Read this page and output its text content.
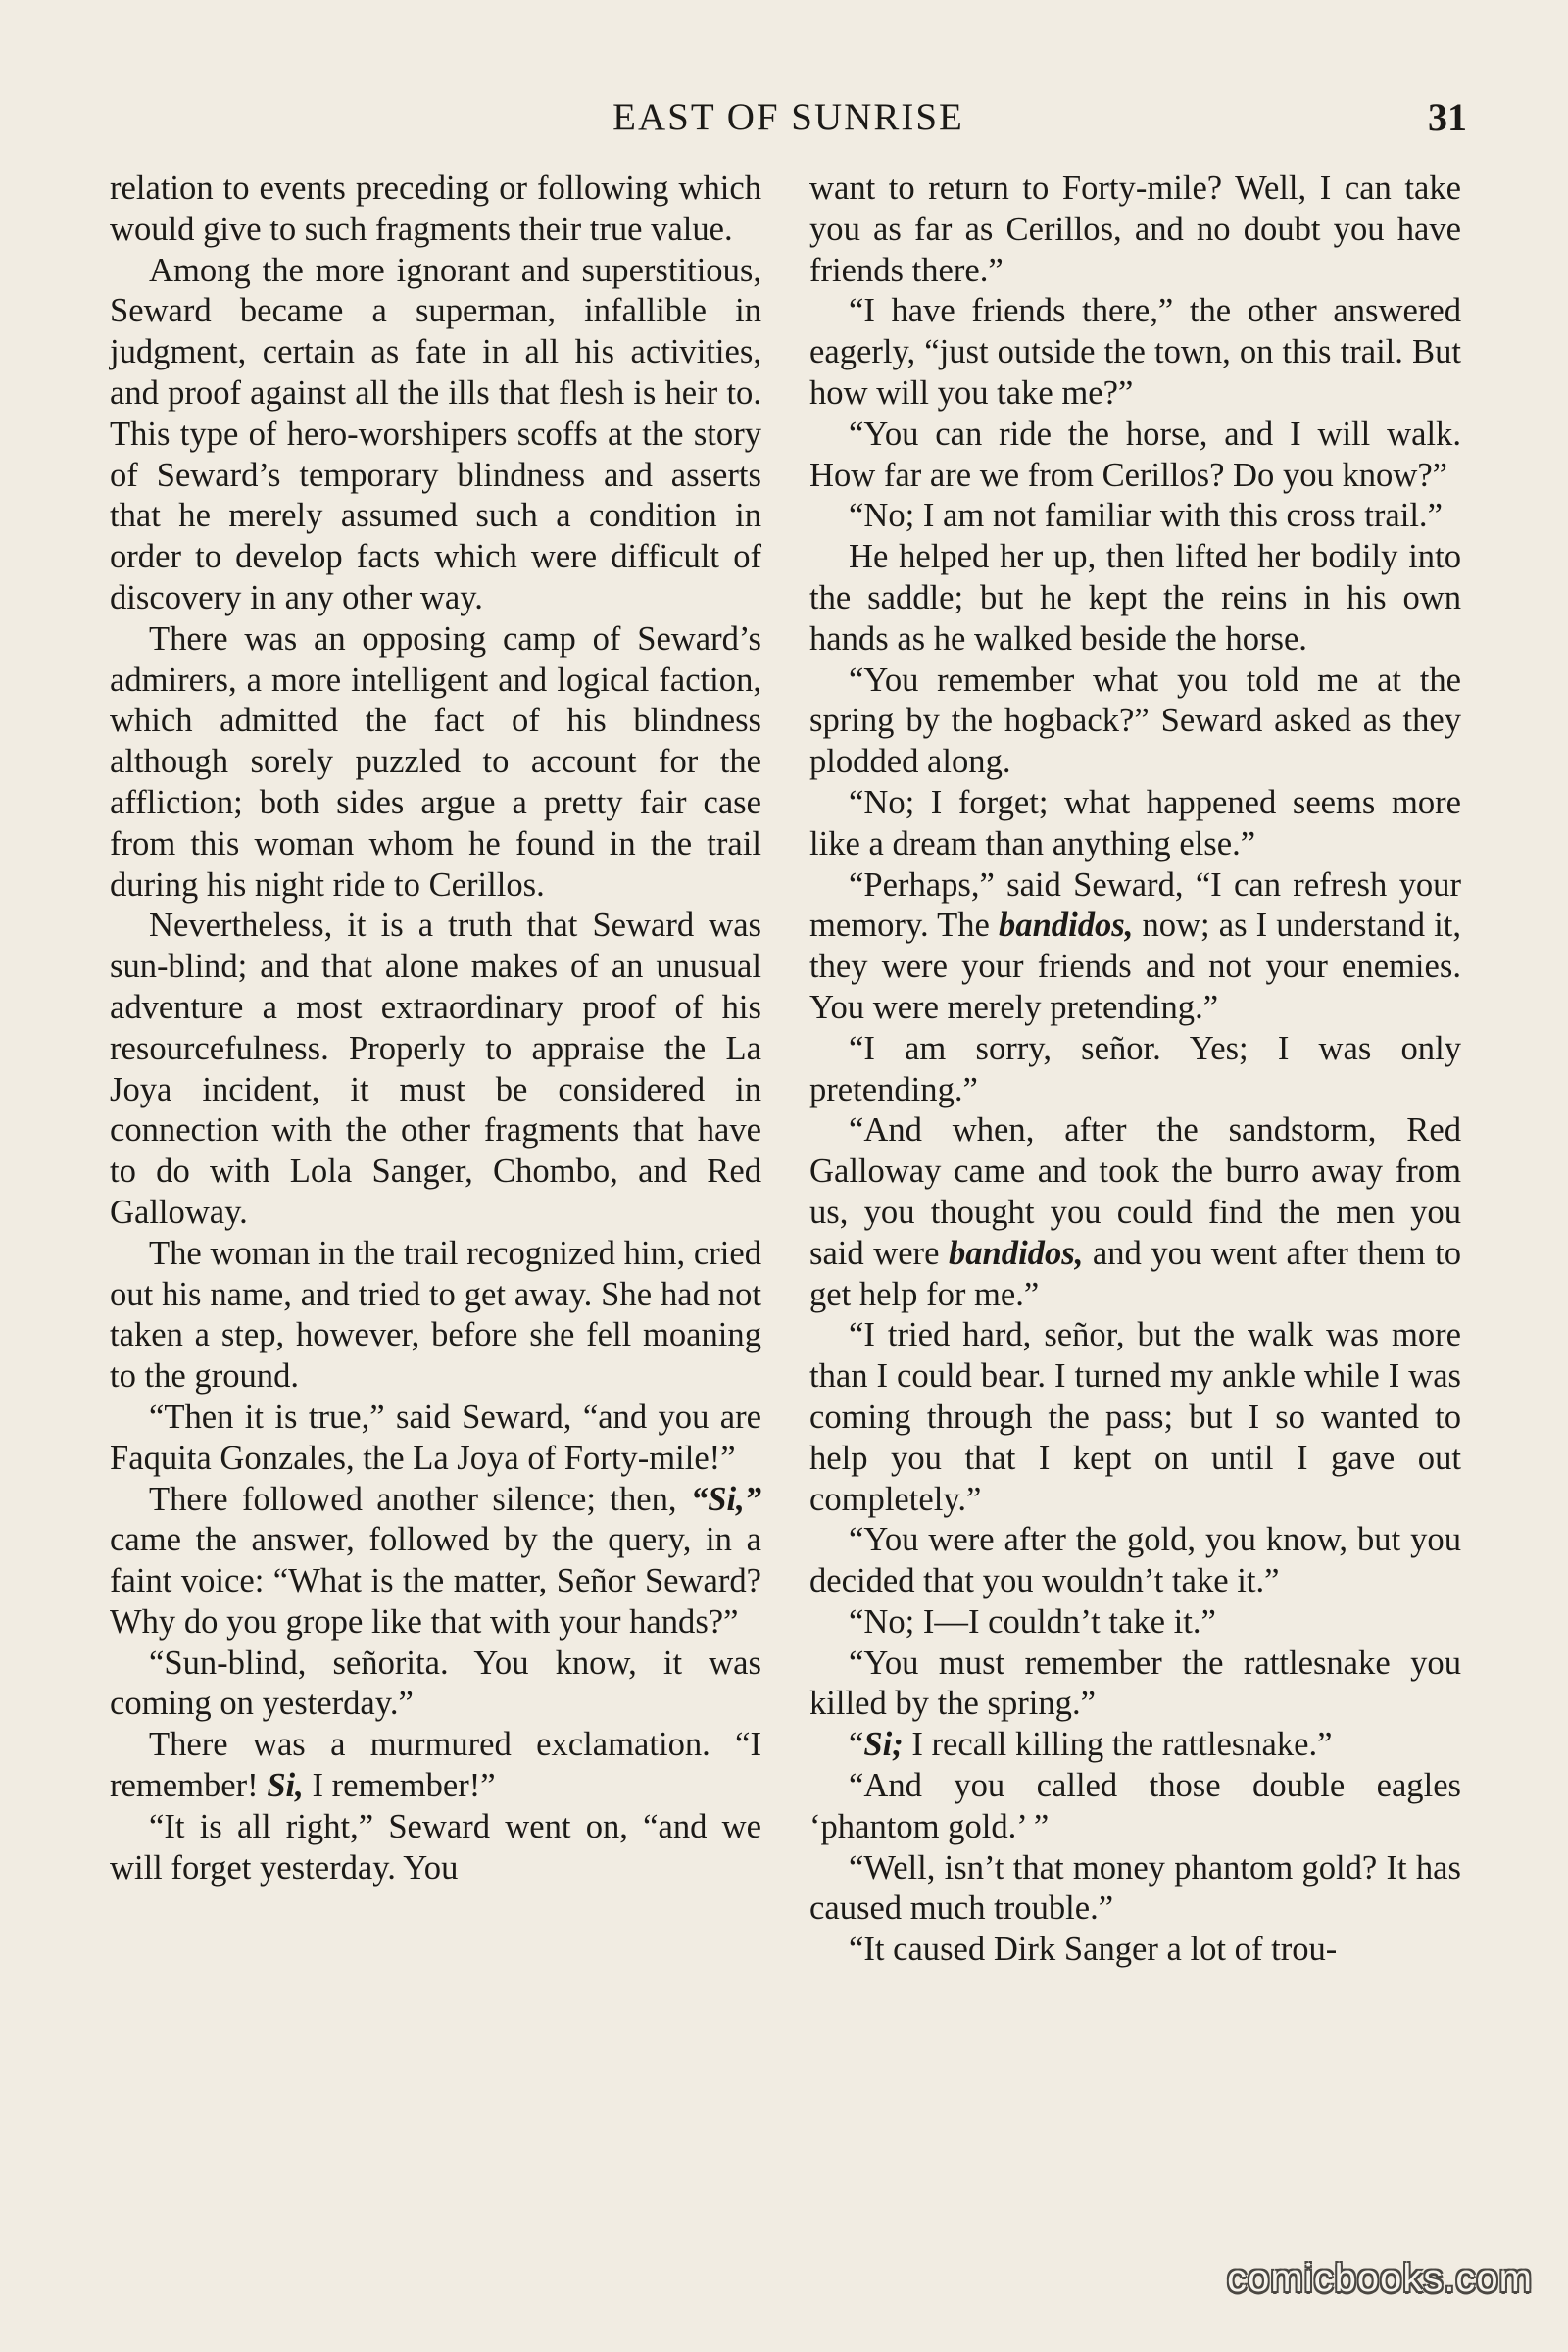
EAST OF SUNRISE	31

relation to events preceding or following which would give to such fragments their true value.

Among the more ignorant and superstitious, Seward became a superman, infallible in judgment, certain as fate in all his activities, and proof against all the ills that flesh is heir to. This type of hero-worshipers scoffs at the story of Seward’s temporary blindness and asserts that he merely assumed such a condition in order to develop facts which were difficult of discovery in any other way.

There was an opposing camp of Seward’s admirers, a more intelligent and logical faction, which admitted the fact of his blindness although sorely puzzled to account for the affliction; both sides argue a pretty fair case from this woman whom he found in the trail during his night ride to Cerillos.

Nevertheless, it is a truth that Seward was sun-blind; and that alone makes of an unusual adventure a most extraordinary proof of his resourcefulness. Properly to appraise the La Joya incident, it must be considered in connection with the other fragments that have to do with Lola Sanger, Chombo, and Red Galloway.

The woman in the trail recognized him, cried out his name, and tried to get away. She had not taken a step, however, before she fell moaning to the ground.

“Then it is true,” said Seward, “and you are Faquita Gonzales, the La Joya of Forty-mile!”

There followed another silence; then, “Si,” came the answer, followed by the query, in a faint voice: “What is the matter, Señor Seward? Why do you grope like that with your hands?”

“Sun-blind, señorita. You know, it was coming on yesterday.”

There was a murmured exclamation. “I remember! Si, I remember!”

“It is all right,” Seward went on, “and we will forget yesterday. You

want to return to Forty-mile? Well, I can take you as far as Cerillos, and no doubt you have friends there.”

“I have friends there,” the other answered eagerly, “just outside the town, on this trail. But how will you take me?”

“You can ride the horse, and I will walk. How far are we from Cerillos? Do you know?”

“No; I am not familiar with this cross trail.”

He helped her up, then lifted her bodily into the saddle; but he kept the reins in his own hands as he walked beside the horse.

“You remember what you told me at the spring by the hogback?” Seward asked as they plodded along.

“No; I forget; what happened seems more like a dream than anything else.”

“Perhaps,” said Seward, “I can refresh your memory. The bandidos, now; as I understand it, they were your friends and not your enemies. You were merely pretending.”

“I am sorry, señor. Yes; I was only pretending.”

“And when, after the sandstorm, Red Galloway came and took the burro away from us, you thought you could find the men you said were bandidos, and you went after them to get help for me.”

“I tried hard, señor, but the walk was more than I could bear. I turned my ankle while I was coming through the pass; but I so wanted to help you that I kept on until I gave out completely.”

“You were after the gold, you know, but you decided that you wouldn’t take it.”

“No; I—I couldn’t take it.”

“You must remember the rattlesnake you killed by the spring.”

“Si; I recall killing the rattlesnake.”

“And you called those double eagles ‘phantom gold.’ ”

“Well, isn’t that money phantom gold? It has caused much trouble.”

“It caused Dirk Sanger a lot of trou-

comicbooks.com
